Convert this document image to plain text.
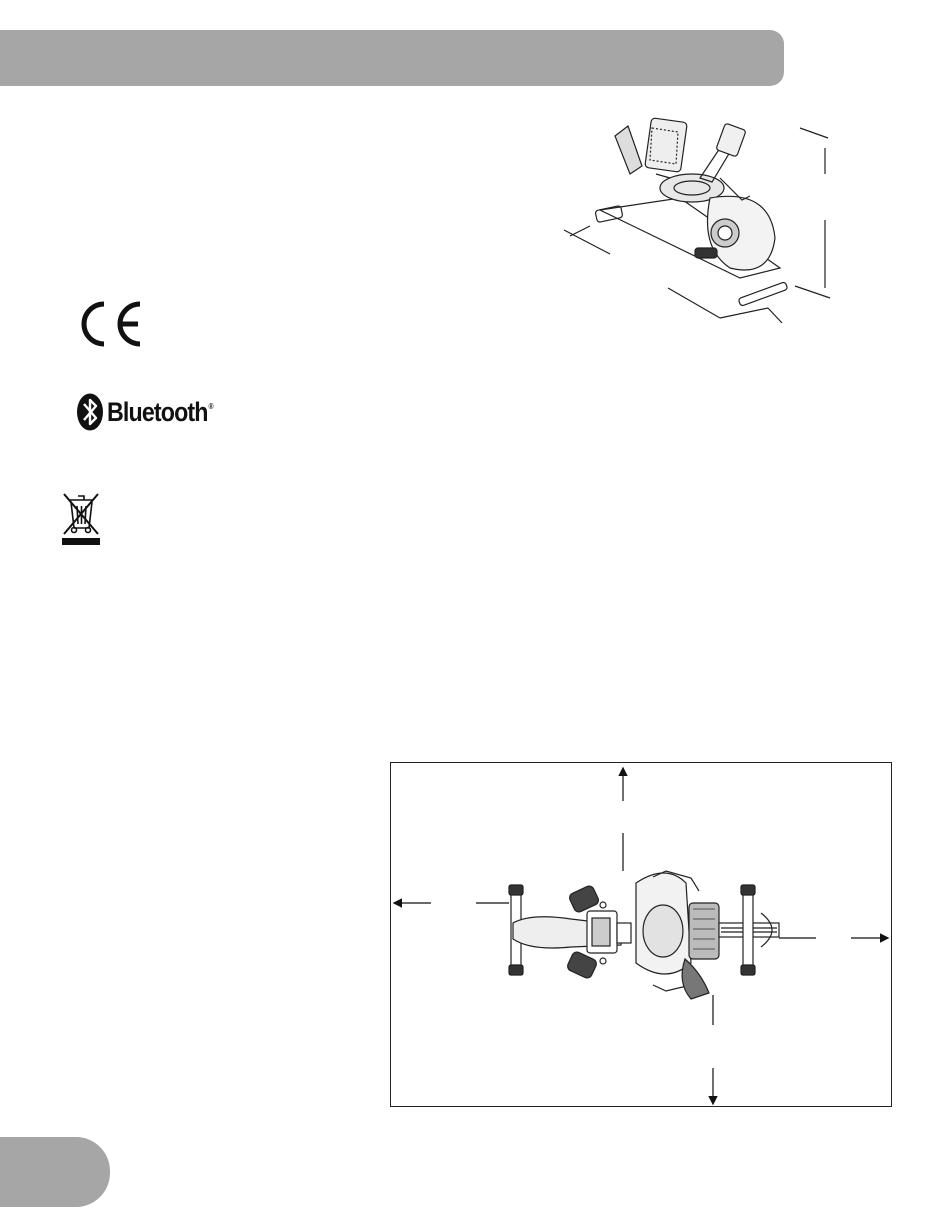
Bluetooth®
